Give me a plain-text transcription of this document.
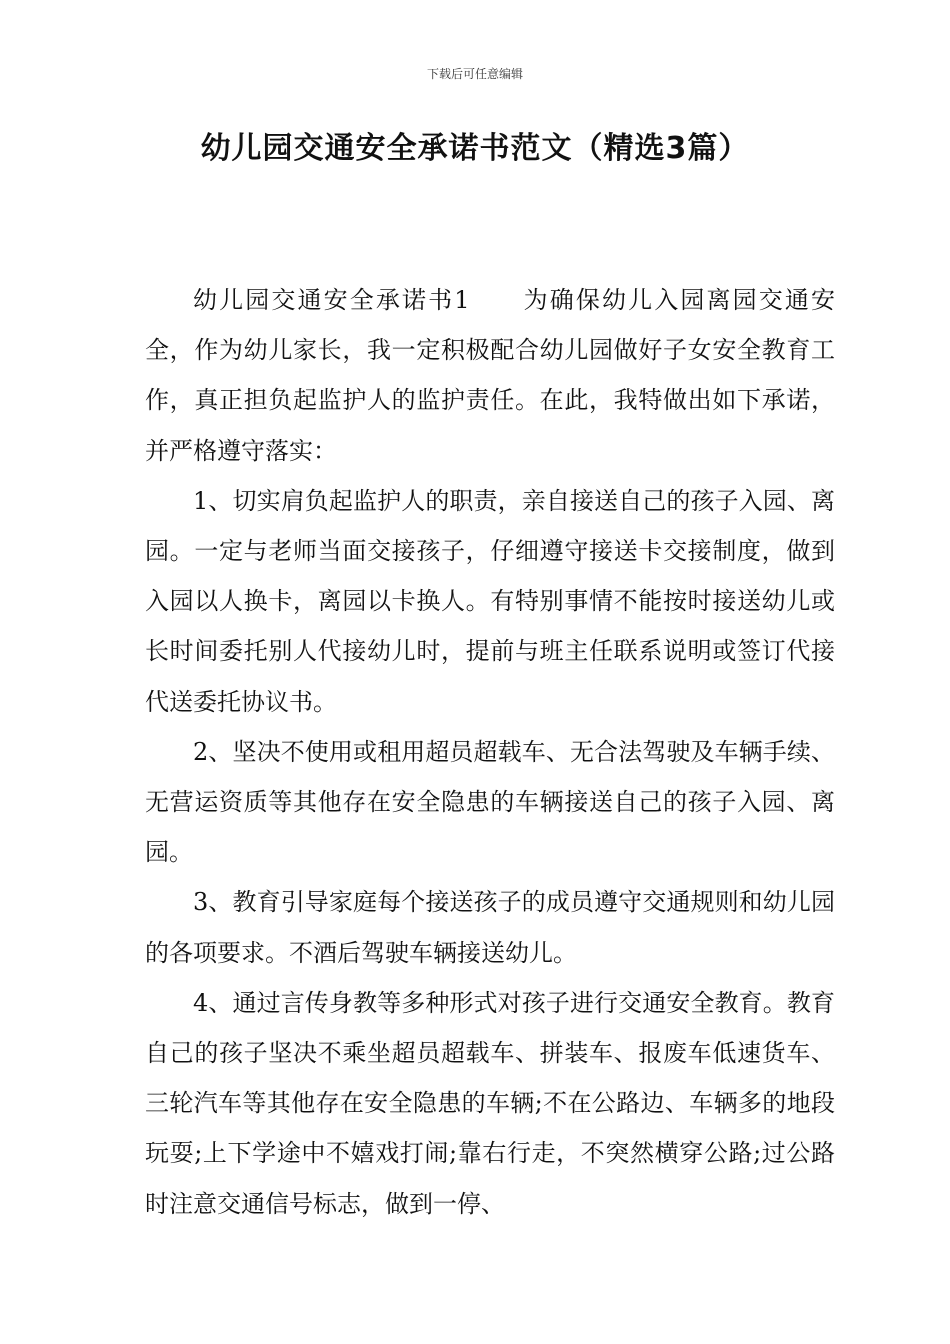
下载后可任意编辑
幼儿园交通安全承诺书范文（精选3篇）

幼儿园交通安全承诺书1 为确保幼儿入园离园交通安全，作为幼儿家长，我一定积极配合幼儿园做好子女安全教育工作，真正担负起监护人的监护责任。在此，我特做出如下承诺，并严格遵守落实：

1、切实肩负起监护人的职责，亲自接送自己的孩子入园、离园。一定与老师当面交接孩子，仔细遵守接送卡交接制度，做到入园以人换卡，离园以卡换人。有特别事情不能按时接送幼儿或长时间委托别人代接幼儿时，提前与班主任联系说明或签订代接代送委托协议书。

2、坚决不使用或租用超员超载车、无合法驾驶及车辆手续、无营运资质等其他存在安全隐患的车辆接送自己的孩子入园、离园。

3、教育引导家庭每个接送孩子的成员遵守交通规则和幼儿园的各项要求。不酒后驾驶车辆接送幼儿。

4、通过言传身教等多种形式对孩子进行交通安全教育。教育自己的孩子坚决不乘坐超员超载车、拼装车、报废车低速货车、三轮汽车等其他存在安全隐患的车辆;不在公路边、车辆多的地段玩耍;上下学途中不嬉戏打闹;靠右行走，不突然横穿公路;过公路时注意交通信号标志，做到一停、
